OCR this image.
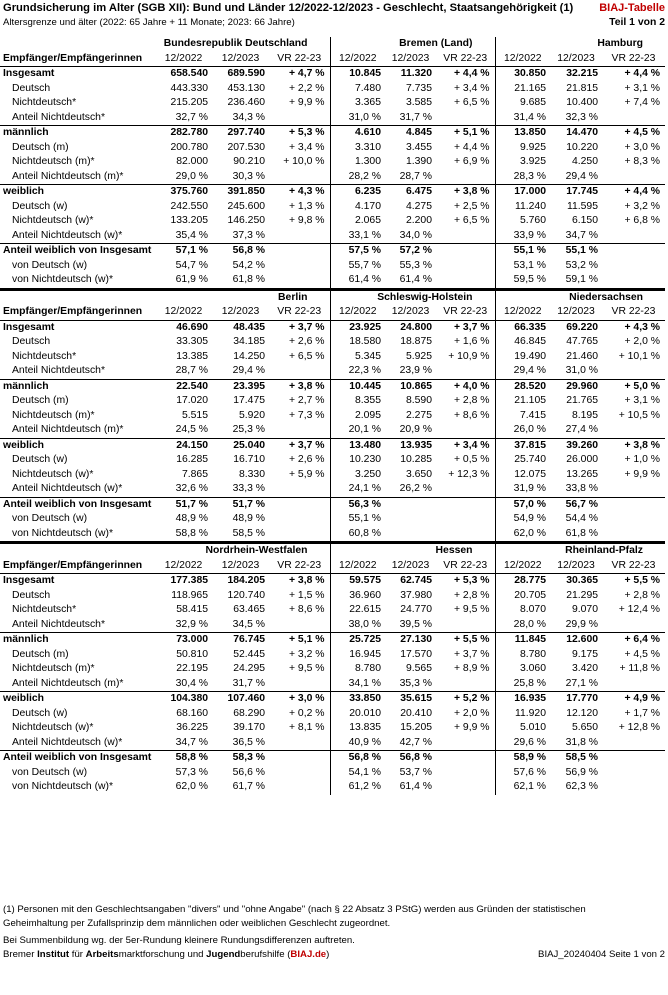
Grundsicherung im Alter (SGB XII): Bund und Länder 12/2022-12/2023 - Geschlecht, Staatsangehörigkeit (1)
Altersgrenze und älter (2022: 65 Jahre + 11 Monate; 2023: 66 Jahre)
BIAJ-Tabelle
Teil 1 von 2
	Bundesrepublik Deutschland			Bremen (Land)			Hamburg		
Empfänger/Empfängerinnen	12/2022	12/2023	VR 22-23	12/2022	12/2023	VR 22-23	12/2022	12/2023	VR 22-23
Insgesamt	658.540	689.590	+ 4,7 %	10.845	11.320	+ 4,4 %	30.850	32.215	+ 4,4 %
Deutsch	443.330	453.130	+ 2,2 %	7.480	7.735	+ 3,4 %	21.165	21.815	+ 3,1 %
Nichtdeutsch*	215.205	236.460	+ 9,9 %	3.365	3.585	+ 6,5 %	9.685	10.400	+ 7,4 %
Anteil Nichtdeutsch*	32,7 %	34,3 %		31,0 %	31,7 %		31,4 %	32,3 %	
männlich	282.780	297.740	+ 5,3 %	4.610	4.845	+ 5,1 %	13.850	14.470	+ 4,5 %
Deutsch (m)	200.780	207.530	+ 3,4 %	3.310	3.455	+ 4,4 %	9.925	10.220	+ 3,0 %
Nichtdeutsch (m)*	82.000	90.210	+ 10,0 %	1.300	1.390	+ 6,9 %	3.925	4.250	+ 8,3 %
Anteil Nichtdeutsch (m)*	29,0 %	30,3 %		28,2 %	28,7 %		28,3 %	29,4 %	
weiblich	375.760	391.850	+ 4,3 %	6.235	6.475	+ 3,8 %	17.000	17.745	+ 4,4 %
Deutsch (w)	242.550	245.600	+ 1,3 %	4.170	4.275	+ 2,5 %	11.240	11.595	+ 3,2 %
Nichtdeutsch (w)*	133.205	146.250	+ 9,8 %	2.065	2.200	+ 6,5 %	5.760	6.150	+ 6,8 %
Anteil Nichtdeutsch (w)*	35,4 %	37,3 %		33,1 %	34,0 %		33,9 %	34,7 %	
Anteil weiblich von Insgesamt	57,1 %	56,8 %		57,5 %	57,2 %		55,1 %	55,1 %	
von Deutsch (w)	54,7 %	54,2 %		55,7 %	55,3 %		53,1 %	53,2 %	
von Nichtdeutsch (w)*	61,9 %	61,8 %		61,4 %	61,4 %		59,5 %	59,1 %	
	Berlin			Schleswig-Holstein			Niedersachsen		
Empfänger/Empfängerinnen	12/2022	12/2023	VR 22-23	12/2022	12/2023	VR 22-23	12/2022	12/2023	VR 22-23
Insgesamt	46.690	48.435	+ 3,7 %	23.925	24.800	+ 3,7 %	66.335	69.220	+ 4,3 %
Deutsch	33.305	34.185	+ 2,6 %	18.580	18.875	+ 1,6 %	46.845	47.765	+ 2,0 %
Nichtdeutsch*	13.385	14.250	+ 6,5 %	5.345	5.925	+ 10,9 %	19.490	21.460	+ 10,1 %
Anteil Nichtdeutsch*	28,7 %	29,4 %		22,3 %	23,9 %		29,4 %	31,0 %	
männlich	22.540	23.395	+ 3,8 %	10.445	10.865	+ 4,0 %	28.520	29.960	+ 5,0 %
Deutsch (m)	17.020	17.475	+ 2,7 %	8.355	8.590	+ 2,8 %	21.105	21.765	+ 3,1 %
Nichtdeutsch (m)*	5.515	5.920	+ 7,3 %	2.095	2.275	+ 8,6 %	7.415	8.195	+ 10,5 %
Anteil Nichtdeutsch (m)*	24,5 %	25,3 %		20,1 %	20,9 %		26,0 %	27,4 %	
weiblich	24.150	25.040	+ 3,7 %	13.480	13.935	+ 3,4 %	37.815	39.260	+ 3,8 %
Deutsch (w)	16.285	16.710	+ 2,6 %	10.230	10.285	+ 0,5 %	25.740	26.000	+ 1,0 %
Nichtdeutsch (w)*	7.865	8.330	+ 5,9 %	3.250	3.650	+ 12,3 %	12.075	13.265	+ 9,9 %
Anteil Nichtdeutsch (w)*	32,6 %	33,3 %		24,1 %	26,2 %		31,9 %	33,8 %	
Anteil weiblich von Insgesamt	51,7 %	51,7 %		56,3 %			57,0 %	56,7 %	
von Deutsch (w)	48,9 %	48,9 %		55,1 %			54,9 %	54,4 %	
von Nichtdeutsch (w)*	58,8 %	58,5 %		60,8 %			62,0 %	61,8 %	
	Nordrhein-Westfalen			Hessen			Rheinland-Pfalz		
Empfänger/Empfängerinnen	12/2022	12/2023	VR 22-23	12/2022	12/2023	VR 22-23	12/2022	12/2023	VR 22-23
Insgesamt	177.385	184.205	+ 3,8 %	59.575	62.745	+ 5,3 %	28.775	30.365	+ 5,5 %
Deutsch	118.965	120.740	+ 1,5 %	36.960	37.980	+ 2,8 %	20.705	21.295	+ 2,8 %
Nichtdeutsch*	58.415	63.465	+ 8,6 %	22.615	24.770	+ 9,5 %	8.070	9.070	+ 12,4 %
Anteil Nichtdeutsch*	32,9 %	34,5 %		38,0 %	39,5 %		28,0 %	29,9 %	
männlich	73.000	76.745	+ 5,1 %	25.725	27.130	+ 5,5 %	11.845	12.600	+ 6,4 %
Deutsch (m)	50.810	52.445	+ 3,2 %	16.945	17.570	+ 3,7 %	8.780	9.175	+ 4,5 %
Nichtdeutsch (m)*	22.195	24.295	+ 9,5 %	8.780	9.565	+ 8,9 %	3.060	3.420	+ 11,8 %
Anteil Nichtdeutsch (m)*	30,4 %	31,7 %		34,1 %	35,3 %		25,8 %	27,1 %	
weiblich	104.380	107.460	+ 3,0 %	33.850	35.615	+ 5,2 %	16.935	17.770	+ 4,9 %
Deutsch (w)	68.160	68.290	+ 0,2 %	20.010	20.410	+ 2,0 %	11.920	12.120	+ 1,7 %
Nichtdeutsch (w)*	36.225	39.170	+ 8,1 %	13.835	15.205	+ 9,9 %	5.010	5.650	+ 12,8 %
Anteil Nichtdeutsch (w)*	34,7 %	36,5 %		40,9 %	42,7 %		29,6 %	31,8 %	
Anteil weiblich von Insgesamt	58,8 %	58,3 %		56,8 %	56,8 %		58,9 %	58,5 %	
von Deutsch (w)	57,3 %	56,6 %		54,1 %	53,7 %		57,6 %	56,9 %	
von Nichtdeutsch (w)*	62,0 %	61,7 %		61,2 %	61,4 %		62,1 %	62,3 %	
(1) Personen mit den Geschlechtsangaben "divers" und "ohne Angabe" (nach § 22 Absatz 3 PStG) werden aus Gründen der statistischen
Geheimhaltung per Zufallsprinzip dem männlichen oder weiblichen Geschlecht zugeordnet.
Bei Summenbildung wg. der 5er-Rundung kleinere Rundungsdifferenzen auftreten.
Bremer Institut für Arbeitsmarktforschung und Jugendberufshilfe (BIAJ.de)	BIAJ_20240404 Seite 1 von 2
